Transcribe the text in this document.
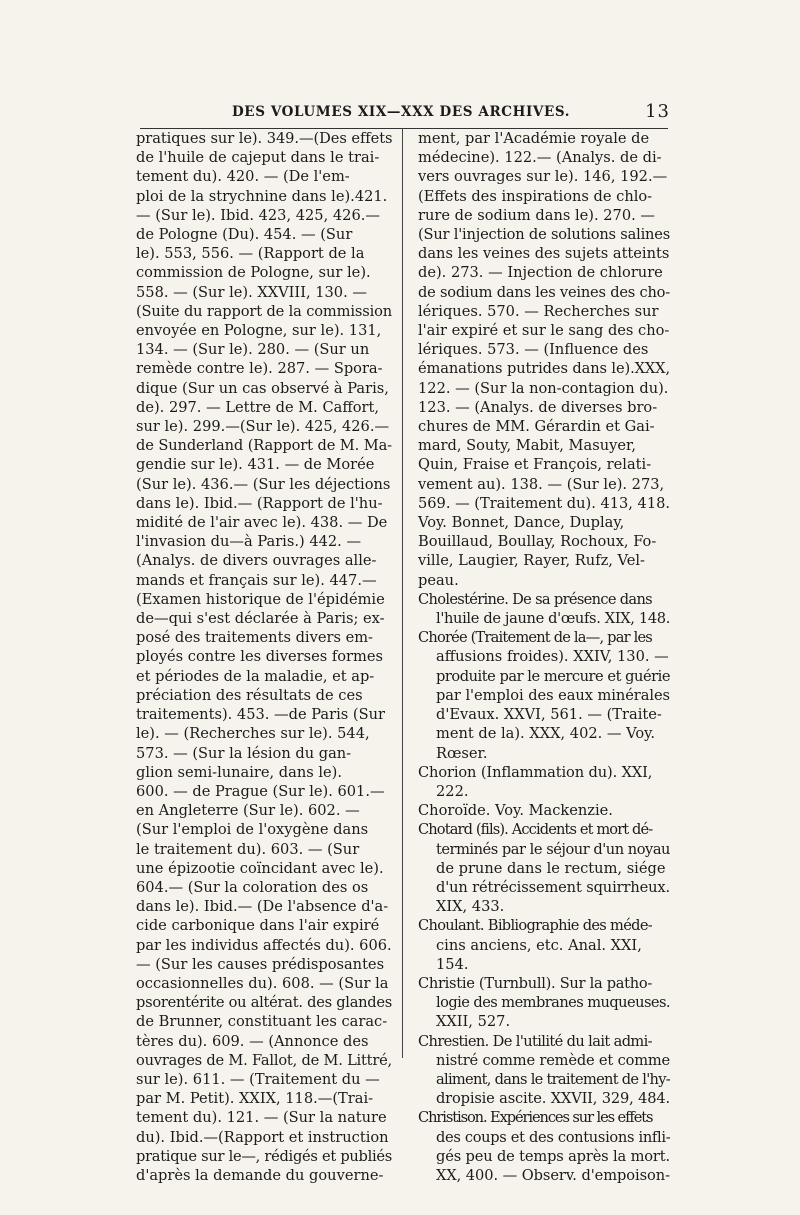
DES VOLUMES XIX—XXX DES ARCHIVES.	13
pratiques sur le). 349.—(Des effets
de l'huile de cajeput dans le trai-
tement du). 420. — (De l'em-
ploi de la strychnine dans le).421.
— (Sur le). Ibid. 423, 425, 426.—
de Pologne (Du). 454. — (Sur
le). 553, 556. — (Rapport de la
commission de Pologne, sur le).
558. — (Sur le). XXVIII, 130. —
(Suite du rapport de la commission
envoyée en Pologne, sur le). 131,
134. — (Sur le). 280. — (Sur un
remède contre le). 287. — Spora-
dique (Sur un cas observé à Paris,
de). 297. — Lettre de M. Caffort,
sur le). 299.—(Sur le). 425, 426.—
de Sunderland (Rapport de M. Ma-
gendie sur le). 431. — de Morée
(Sur le). 436.— (Sur les déjections
dans le). Ibid.— (Rapport de l'hu-
midité de l'air avec le). 438. — De
l'invasion du—à Paris.) 442. —
(Analys. de divers ouvrages alle-
mands et français sur le). 447.—
(Examen historique de l'épidémie
de—qui s'est déclarée à Paris; ex-
posé des traitements divers em-
ployés contre les diverses formes
et périodes de la maladie, et ap-
préciation des résultats de ces
traitements). 453. —de Paris (Sur
le). — (Recherches sur le). 544,
573. — (Sur la lésion du gan-
glion semi-lunaire, dans le).
600. — de Prague (Sur le). 601.—
en Angleterre (Sur le). 602. —
(Sur l'emploi de l'oxygène dans
le traitement du). 603. — (Sur
une épizootie coïncidant avec le).
604.— (Sur la coloration des os
dans le). Ibid.— (De l'absence d'a-
cide carbonique dans l'air expiré
par les individus affectés du). 606.
— (Sur les causes prédisposantes
occasionnelles du). 608. — (Sur la
psorentérite ou altérat. des glandes
de Brunner, constituant les carac-
tères du). 609. — (Annonce des
ouvrages de M. Fallot, de M. Littré,
sur le). 611. — (Traitement du —
par M. Petit). XXIX, 118.—(Trai-
tement du). 121. — (Sur la nature
du). Ibid.—(Rapport et instruction
pratique sur le—, rédigés et publiés
d'après la demande du gouverne-
ment, par l'Académie royale de
médecine). 122.— (Analys. de di-
vers ouvrages sur le). 146, 192.—
(Effets des inspirations de chlo-
rure de sodium dans le). 270. —
(Sur l'injection de solutions salines
dans les veines des sujets atteints
de). 273. — Injection de chlorure
de sodium dans les veines des cho-
lériques. 570. — Recherches sur
l'air expiré et sur le sang des cho-
lériques. 573. — (Influence des
émanations putrides dans le).XXX,
122. — (Sur la non-contagion du).
123. — (Analys. de diverses bro-
chures de MM. Gérardin et Gai-
mard, Souty, Mabit, Masuyer,
Quin, Fraise et François, relati-
vement au). 138. — (Sur le). 273,
569. — (Traitement du). 413, 418.
Voy. Bonnet, Dance, Duplay,
Bouillaud, Boullay, Rochoux, Fo-
ville, Laugier, Rayer, Rufz, Vel-
peau.
Cholestérine. De sa présence dans
l'huile de jaune d'œufs. XIX, 148.
Chorée (Traitement de la—, par les
affusions froides). XXIV, 130. —
produite par le mercure et guérie
par l'emploi des eaux minérales
d'Evaux. XXVI, 561. — (Traite-
ment de la). XXX, 402. — Voy.
Rœser.
Chorion (Inflammation du). XXI,
222.
Choroïde. Voy. Mackenzie.
Chotard (fils). Accidents et mort dé-
terminés par le séjour d'un noyau
de prune dans le rectum, siége
d'un rétrécissement squirrheux.
XIX, 433.
Choulant. Bibliographie des méde-
cins anciens, etc. Anal. XXI,
154.
Christie (Turnbull). Sur la patho-
logie des membranes muqueuses.
XXII, 527.
Chrestien. De l'utilité du lait admi-
nistré comme remède et comme
aliment, dans le traitement de l'hy-
dropisie ascite. XXVII, 329, 484.
Christison. Expériences sur les effets
des coups et des contusions infli-
gés peu de temps après la mort.
XX, 400. — Observ. d'empoison-
